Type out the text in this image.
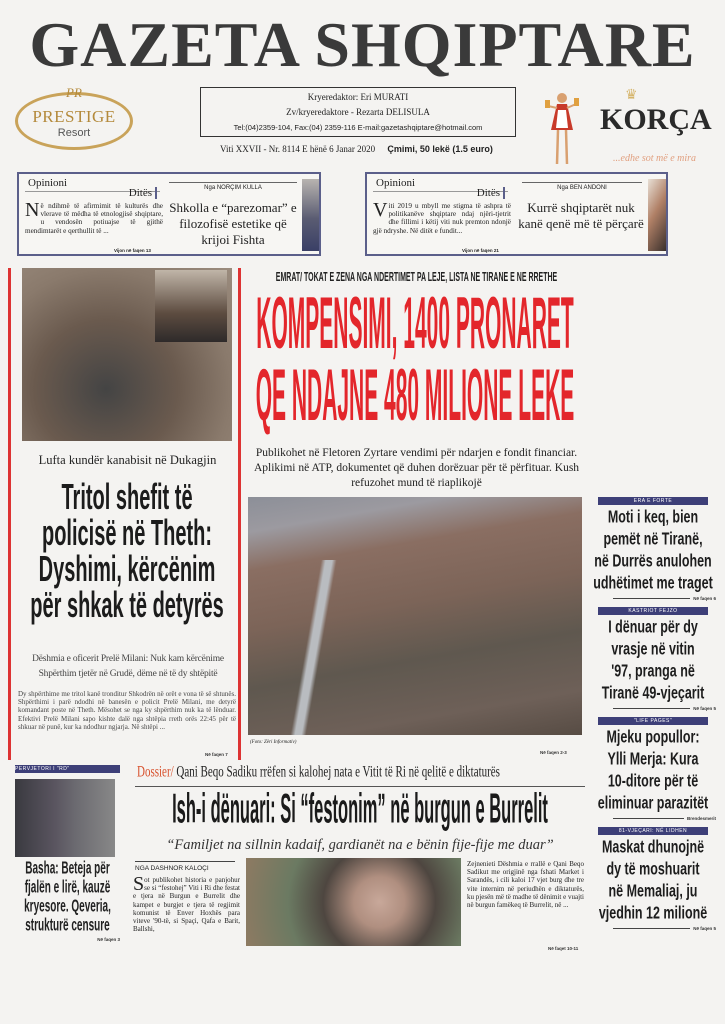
GAZETA SHQIPTARE
PR
PRESTIGE
Resort
Kryeredaktor: Eri MURATI
Zv/kryeredaktore - Rezarta DELISULA
Tel:(04)2359-104, Fax:(04) 2359-116 E-mail:gazetashqiptare@hotmail.com
Viti XXVII - Nr. 8114 E hënë 6 Janar 2020 Çmimi, 50 lekë (1.5 euro)
♛
KORÇA
...edhe sot më e mira
Opinioni
Ditës
Në ndihmë të afirmimit të kulturës dhe vlerave të mëdha të etnologjisë shqiptare, u vendosën potiuajse të gjithë mendimtarët e qerthullit të ...
Vijon në faqen 13
Nga NORÇIM KULLA
Shkolla e “parezomar” e filozofisë estetike që krijoi Fishta
Opinioni
Ditës
Viti 2019 u mbyll me stigma të ashpra të politikanëve shqiptare ndaj njëri-tjetrit dhe fillimi i këtij viti nuk premton ndonjë gjë ndryshe. Në ditët e fundit...
Vijon në faqen 21
Nga BEN ANDONI
Kurrë shqiptarët nuk kanë qenë më të përçarë
Lufta kundër kanabisit në Dukagjin
Tritol shefit të
policisë në Theth:
Dyshimi, kërcënim
për shkak të detyrës
Dëshmia e oficerit Prelë Milani: Nuk kam kërcënime
Shpërthim tjetër në Grudë, dëme në të dy shtëpitë
Dy shpërthime me tritol kanë tronditur Shkodrën në orët e vona të së shtunës. Shpërthimi i parë ndodhi në banesën e policit Prelë Milani, me detyrë komandant poste në Theth. Mësohet se nga ky shpërthim nuk ka të lënduar. Efektivi Prelë Milani sapo kishte dalë nga shtëpia rreth orës 22:45 për të shkuar në punë, kur ka ndodhur ngjarja. Në shtëpi ...
Në faqen 7
EMRAT/ TOKAT E ZENA NGA NDERTIMET PA LEJE, LISTA NE TIRANE E NE RRETHE
KOMPENSIMI, 1400 PRONARET
QE NDAJNE 480 MILIONE LEKE
Publikohet në Fletoren Zyrtare vendimi për ndarjen e fondit financiar. Aplikimi në ATP, dokumentet që duhen dorëzuar për të përfituar. Kush refuzohet mund të riaplikojë
(Foto: Zëri Informativ)
Në faqen 2-3
ERA E FORTE
Moti i keq, bien
pemët në Tiranë,
në Durrës anulohen
udhëtimet me traget
Në faqen 6
KASTRIOT FEJZO
I dënuar për dy
vrasje në vitin
'97, pranga në
Tiranë 49-vjeçarit
Në faqen 5
"LIFE PAGES"
Mjeku popullor:
Ylli Merja: Kura
10-ditore për të
eliminuar parazitët
Brendesmerit
81-VJEÇARI: NË LIDHEN
Maskat dhunojnë
dy të moshuarit
në Memaliaj, ju
vjedhin 12 milionë
Në faqen 5
PERVJETORI I "RD"
Basha: Beteja për
fjalën e lirë, kauzë
kryesore. Qeveria,
strukturë censure
Në faqen 3
Dossier/ Qani Beqo Sadiku rrëfen si kalohej nata e Vitit të Ri në qelitë e diktaturës
Ish-i dënuari: Si “festonim” në burgun e Burrelit
“Familjet na sillnin kadaif, gardianët na e bënin fije-fije me duar”
NGA DASHNOR KALOÇI
Sot publikohet historia e panjohur se si “festohej” Viti i Ri dhe festat e tjera në Burgun e Burrelit dhe kampet e burgjet e tjera të regjimit komunist të Enver Hoxhës para viteve '90-të, si Spaçi, Qafa e Barit, Ballshi,
Zejnenieti Dëshmia e rrallë e Qani Beqo Sadikut me origjinë nga fshati Market i Sarandës, i cili kaloi 17 vjet burg dhe tre vite internim në periudhën e diktaturës, ku pjesën më të madhe të dënimit e vuajti në burgun famëkeq të Burrelit, në ...
Në faqet 10-11
